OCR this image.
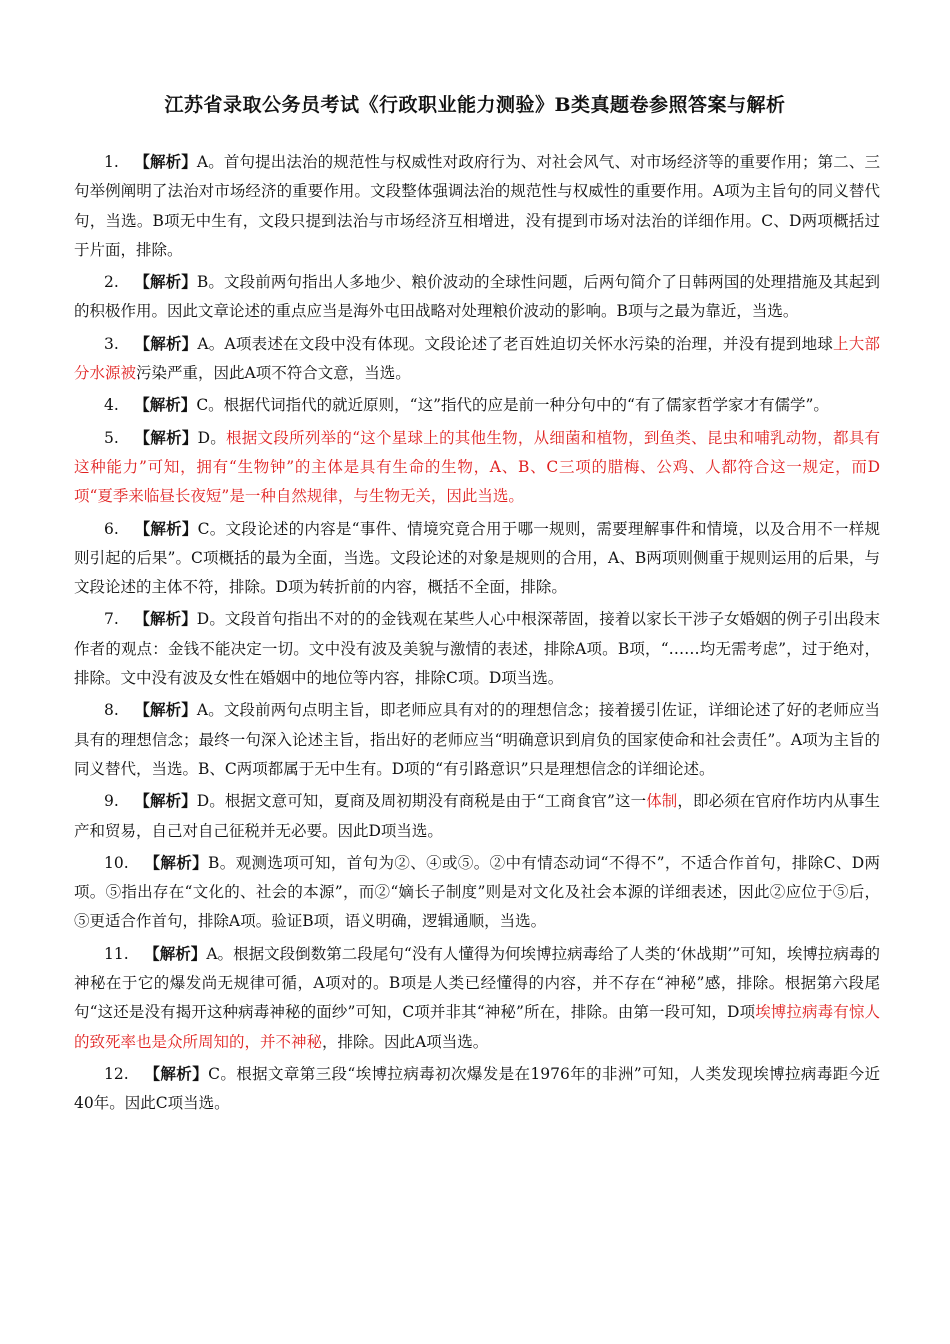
江苏省录取公务员考试《行政职业能力测验》B类真题卷参照答案与解析

1.  【解析】A。首句提出法治的规范性与权威性对政府行为、对社会风气、对市场经济等的重要作用；第二、三句举例阐明了法治对市场经济的重要作用。文段整体强调法治的规范性与权威性的重要作用。A项为主旨句的同义替代句，当选。B项无中生有，文段只提到法治与市场经济互相增进，没有提到市场对法治的详细作用。C、D两项概括过于片面，排除。

2.  【解析】B。文段前两句指出人多地少、粮价波动的全球性问题，后两句简介了日韩两国的处理措施及其起到的积极作用。因此文章论述的重点应当是海外屯田战略对处理粮价波动的影响。B项与之最为靠近，当选。

3.  【解析】A。A项表述在文段中没有体现。文段论述了老百姓迫切关怀水污染的治理，并没有提到地球上大部分水源被污染严重，因此A项不符合文意，当选。

4.  【解析】C。根据代词指代的就近原则，“这”指代的应是前一种分句中的“有了儒家哲学家才有儒学”。

5.  【解析】D。根据文段所列举的“这个星球上的其他生物，从细菌和植物，到鱼类、昆虫和哺乳动物，都具有这种能力”可知，拥有“生物钟”的主体是具有生命的生物，A、B、C三项的腊梅、公鸡、人都符合这一规定，而D项“夏季来临昼长夜短”是一种自然规律，与生物无关，因此当选。

6.  【解析】C。文段论述的内容是“事件、情境究竟合用于哪一规则，需要理解事件和情境，以及合用不一样规则引起的后果”。C项概括的最为全面，当选。文段论述的对象是规则的合用，A、B两项则侧重于规则运用的后果，与文段论述的主体不符，排除。D项为转折前的内容，概括不全面，排除。

7.  【解析】D。文段首句指出不对的的金钱观在某些人心中根深蒂固，接着以家长干涉子女婚姻的例子引出段末作者的观点：金钱不能决定一切。文中没有波及美貌与激情的表述，排除A项。B项，“……均无需考虑”，过于绝对，排除。文中没有波及女性在婚姻中的地位等内容，排除C项。D项当选。

8.  【解析】A。文段前两句点明主旨，即老师应具有对的的理想信念；接着援引佐证，详细论述了好的老师应当具有的理想信念；最终一句深入论述主旨，指出好的老师应当“明确意识到肩负的国家使命和社会责任”。A项为主旨的同义替代，当选。B、C两项都属于无中生有。D项的“有引路意识”只是理想信念的详细论述。

9.  【解析】D。根据文意可知，夏商及周初期没有商税是由于“工商食官”这一体制，即必须在官府作坊内从事生产和贸易，自己对自己征税并无必要。因此D项当选。

10.  【解析】B。观测选项可知，首句为②、④或⑤。②中有情态动词“不得不”，不适合作首句，排除C、D两项。⑤指出存在“文化的、社会的本源”，而②“嫡长子制度”则是对文化及社会本源的详细表述，因此②应位于⑤后，⑤更适合作首句，排除A项。验证B项，语义明确，逻辑通顺，当选。

11.  【解析】A。根据文段倒数第二段尾句“没有人懂得为何埃博拉病毒给了人类的‘休战期’”可知，埃博拉病毒的神秘在于它的爆发尚无规律可循，A项对的。B项是人类已经懂得的内容，并不存在“神秘”感，排除。根据第六段尾句“这还是没有揭开这种病毒神秘的面纱”可知，C项并非其“神秘”所在，排除。由第一段可知，D项埃博拉病毒有惊人的致死率也是众所周知的，并不神秘，排除。因此A项当选。

12.  【解析】C。根据文章第三段“埃博拉病毒初次爆发是在1976年的非洲”可知，人类发现埃博拉病毒距今近40年。因此C项当选。
